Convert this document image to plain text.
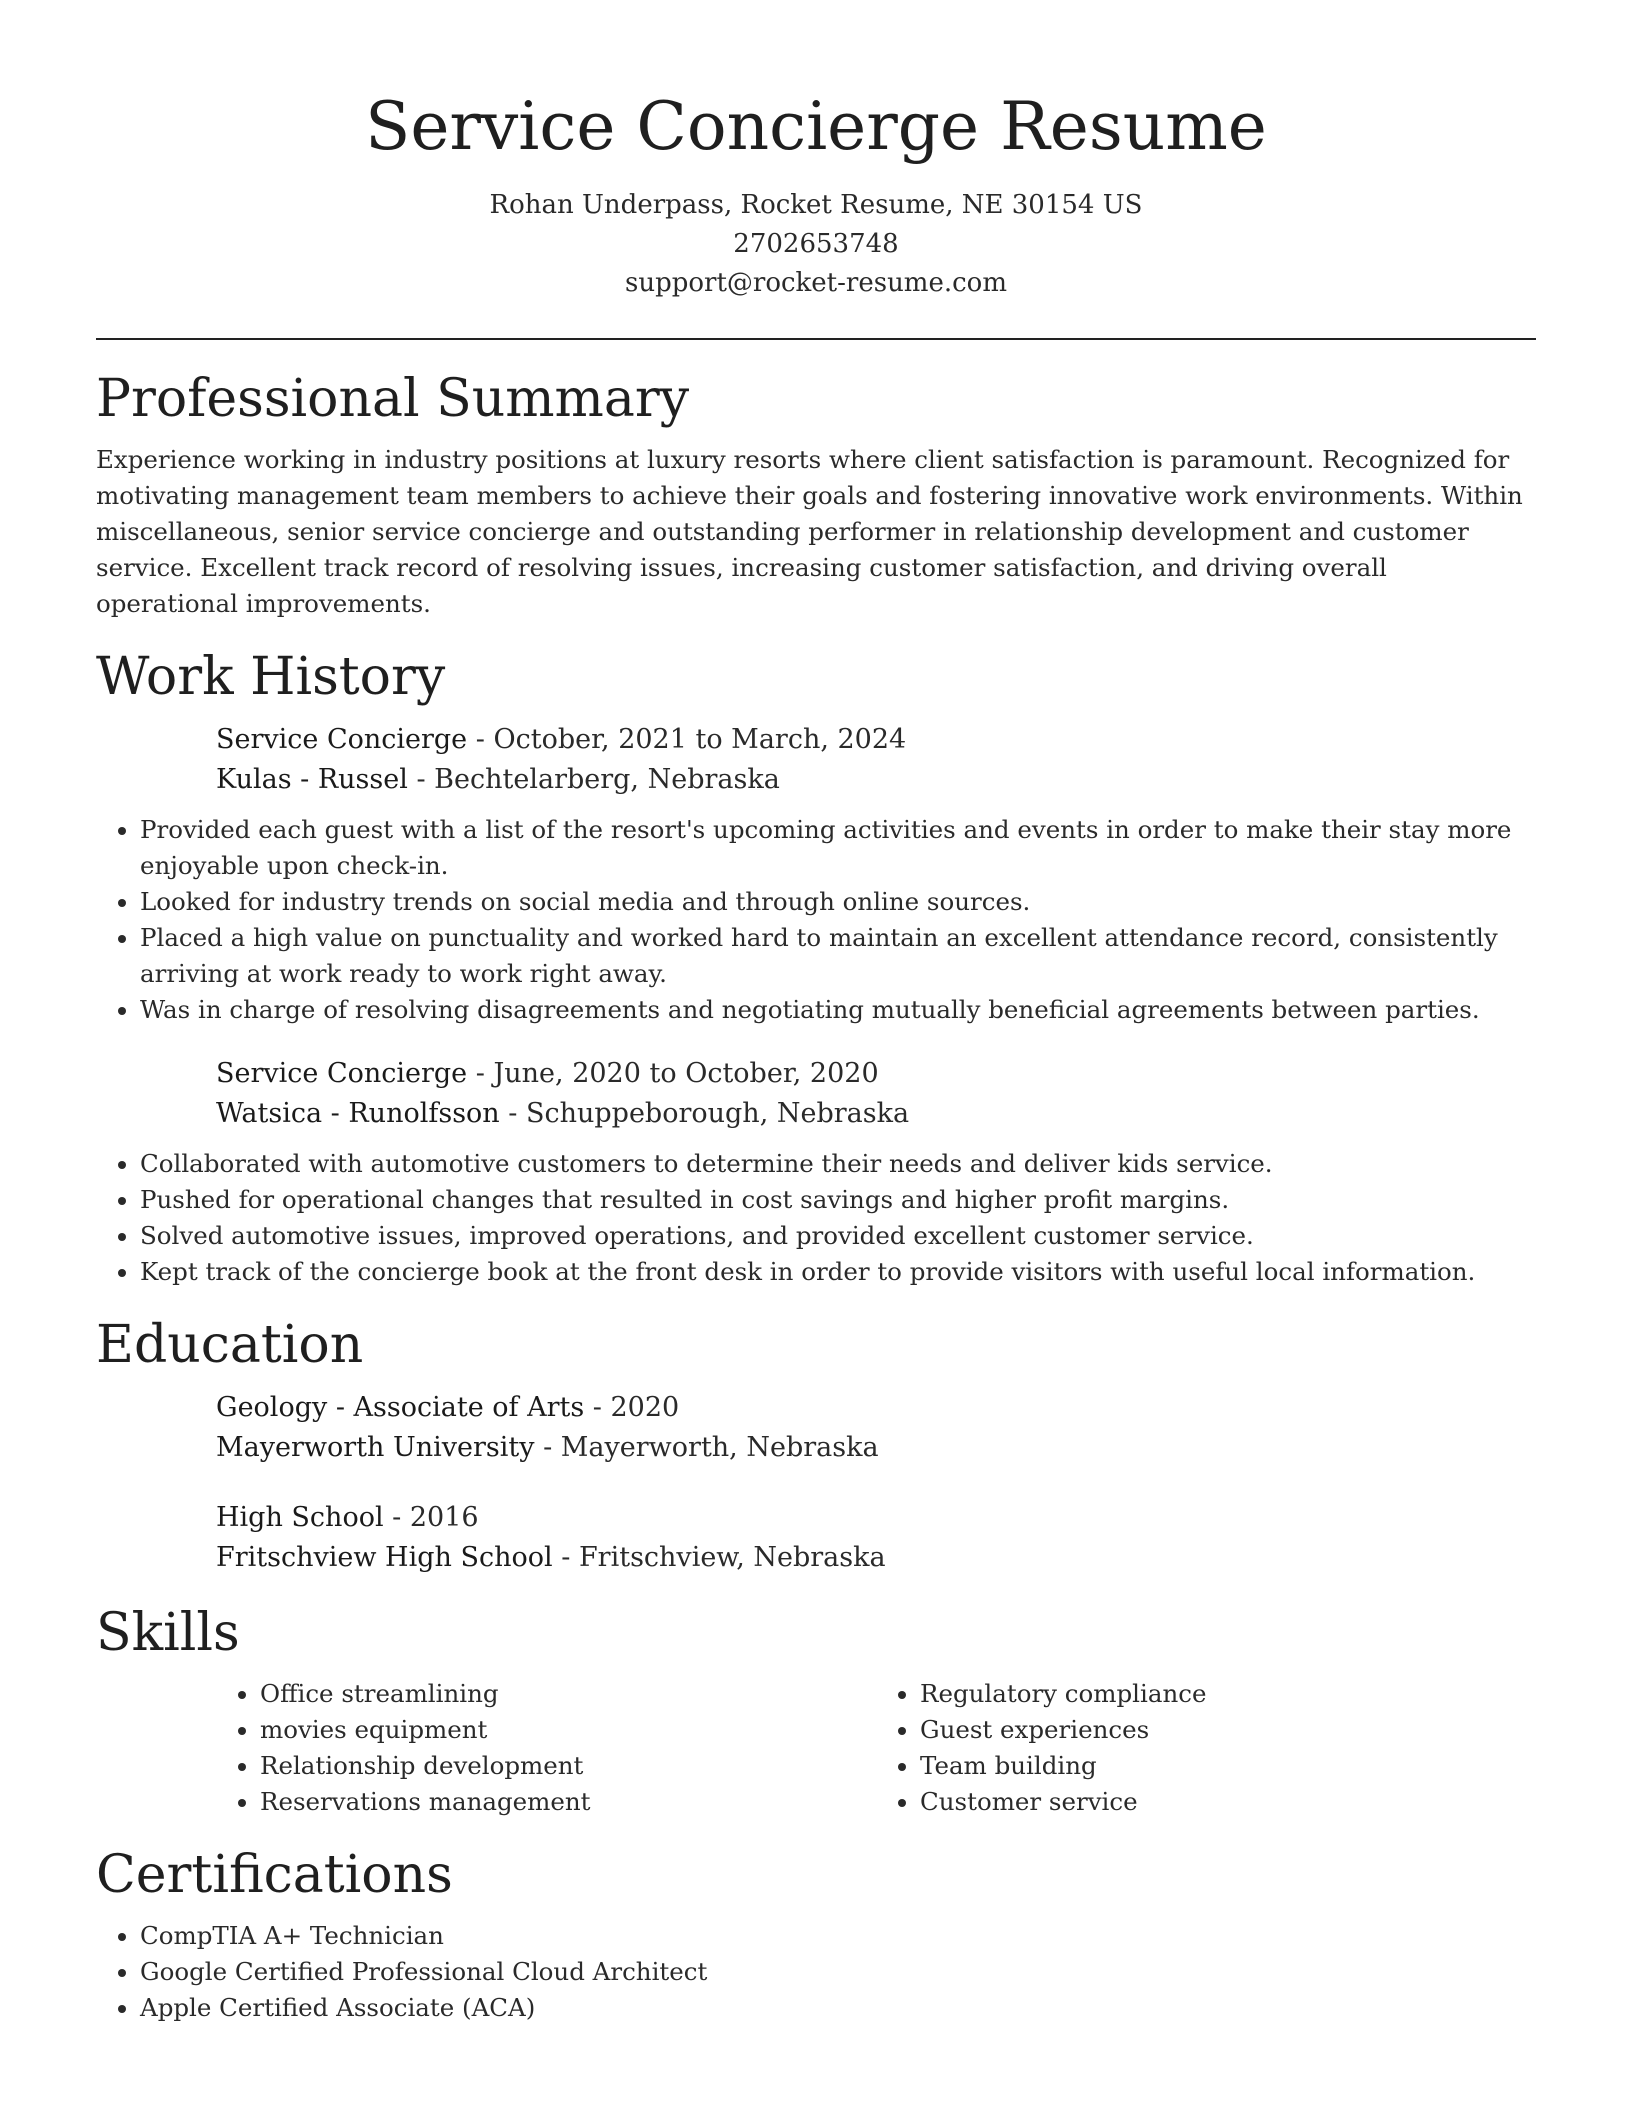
Service Concierge Resume
Rohan Underpass, Rocket Resume, NE 30154 US
2702653748
support@rocket-resume.com
Professional Summary

Experience working in industry positions at luxury resorts where client satisfaction is paramount. Recognized for motivating management team members to achieve their goals and fostering innovative work environments. Within miscellaneous, senior service concierge and outstanding performer in relationship development and customer service. Excellent track record of resolving issues, increasing customer satisfaction, and driving overall operational improvements.

Work History
Service Concierge - October, 2021 to March, 2024
Kulas - Russel - Bechtelarberg, Nebraska
• Provided each guest with a list of the resort's upcoming activities and events in order to make their stay more enjoyable upon check-in.
• Looked for industry trends on social media and through online sources.
• Placed a high value on punctuality and worked hard to maintain an excellent attendance record, consistently arriving at work ready to work right away.
• Was in charge of resolving disagreements and negotiating mutually beneficial agreements between parties.
Service Concierge - June, 2020 to October, 2020
Watsica - Runolfsson - Schuppeborough, Nebraska
• Collaborated with automotive customers to determine their needs and deliver kids service.
• Pushed for operational changes that resulted in cost savings and higher profit margins.
• Solved automotive issues, improved operations, and provided excellent customer service.
• Kept track of the concierge book at the front desk in order to provide visitors with useful local information.
Education
Geology - Associate of Arts - 2020
Mayerworth University - Mayerworth, Nebraska
High School - 2016
Fritschview High School - Fritschview, Nebraska
Skills
• Office streamlining
• movies equipment
• Relationship development
• Reservations management
• Regulatory compliance
• Guest experiences
• Team building
• Customer service
Certifications
• CompTIA A+ Technician
• Google Certified Professional Cloud Architect
• Apple Certified Associate (ACA)
